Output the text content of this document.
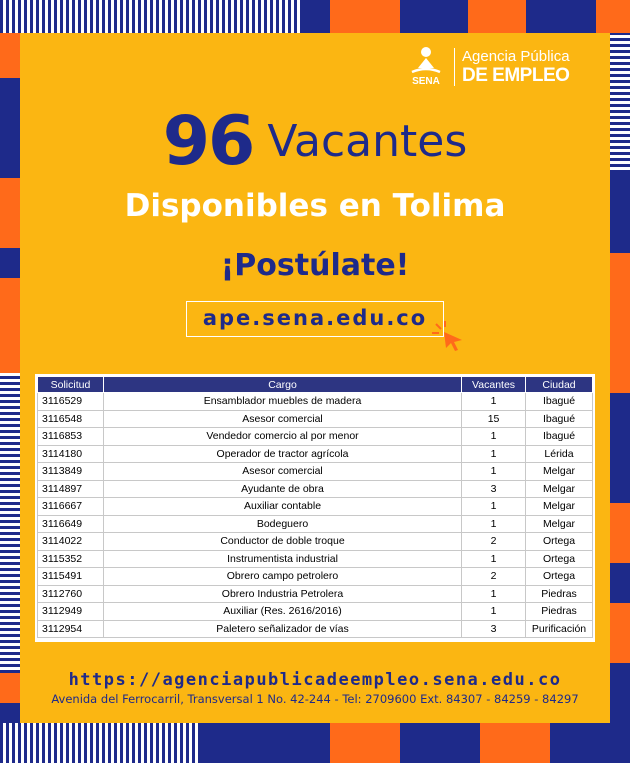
SENA
Agencia Pública
DE EMPLEO
96 Vacantes
Disponibles en Tolima
¡Postúlate!
ape.sena.edu.co
Solicitud	Cargo	Vacantes	Ciudad
3116529	Ensamblador muebles de madera	1	Ibagué
3116548	Asesor comercial	15	Ibagué
3116853	Vendedor comercio al por menor	1	Ibagué
3114180	Operador de tractor agrícola	1	Lérida
3113849	Asesor comercial	1	Melgar
3114897	Ayudante de obra	3	Melgar
3116667	Auxiliar contable	1	Melgar
3116649	Bodeguero	1	Melgar
3114022	Conductor de doble troque	2	Ortega
3115352	Instrumentista industrial	1	Ortega
3115491	Obrero campo petrolero	2	Ortega
3112760	Obrero Industria Petrolera	1	Piedras
3112949	Auxiliar (Res. 2616/2016)	1	Piedras
3112954	Paletero señalizador de vías	3	Purificación
https://agenciapublicadeempleo.sena.edu.co
Avenida del Ferrocarril, Transversal 1 No. 42-244 - Tel: 2709600 Ext. 84307 - 84259 - 84297
